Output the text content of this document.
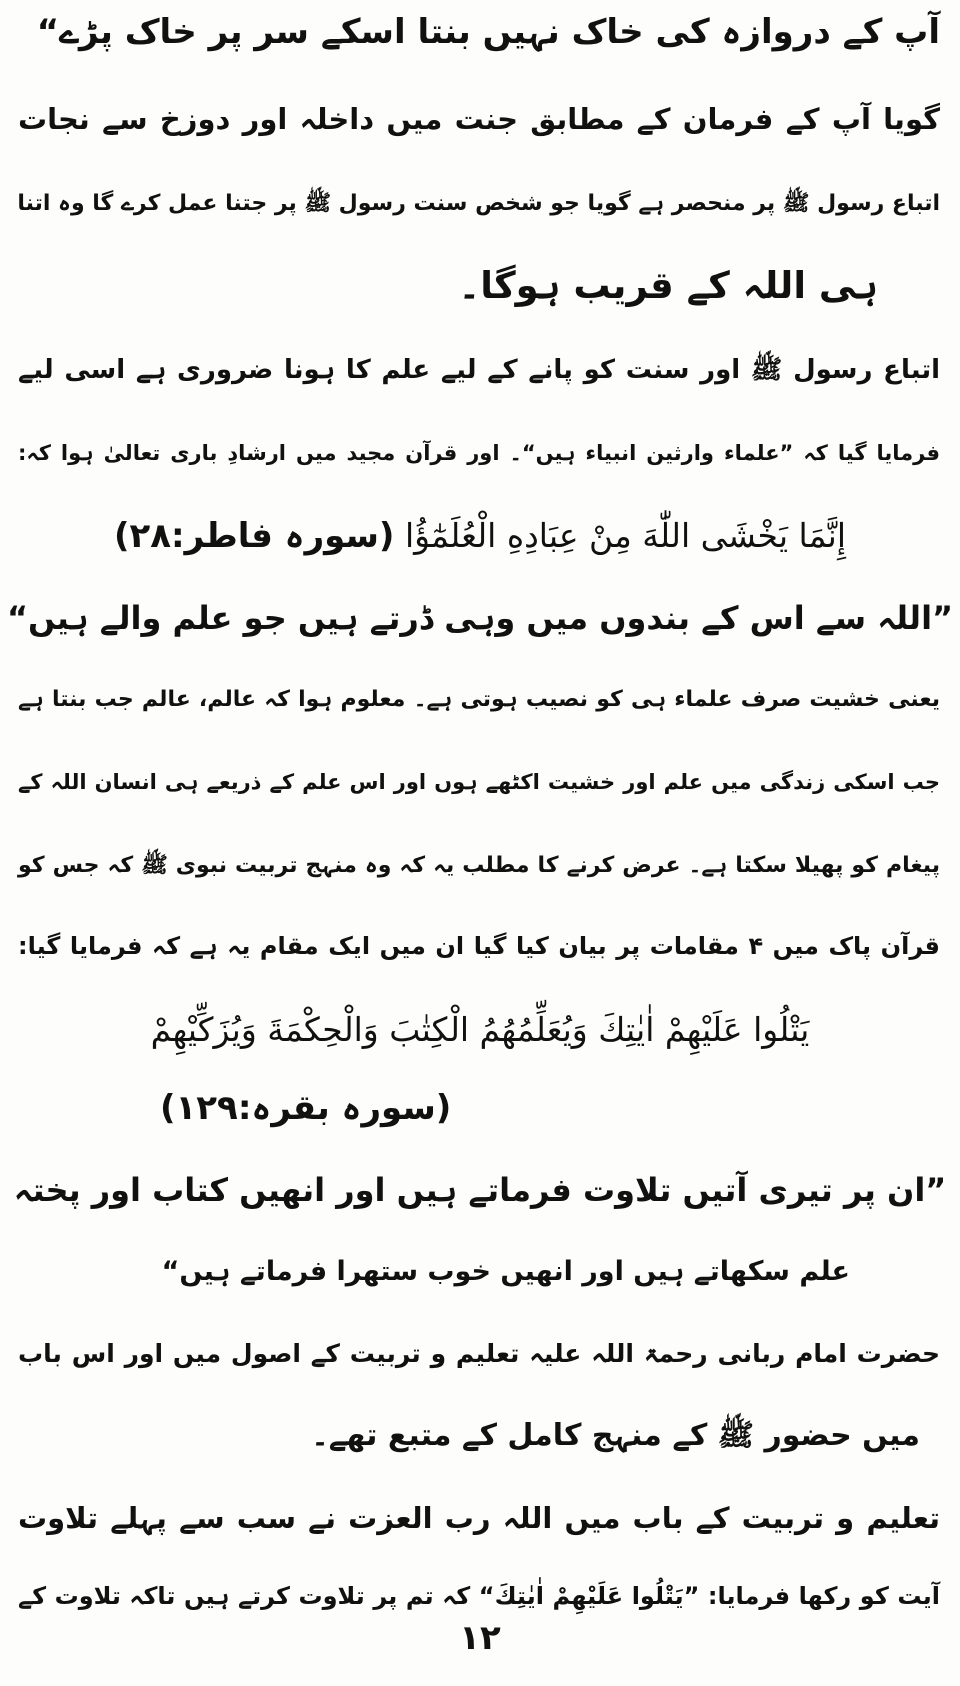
آپ کے دروازہ کی خاک نہیں بنتا اسکے سر پر خاک پڑے“

گویا آپ کے فرمان کے مطابق جنت میں داخلہ اور دوزخ سے نجات

اتباع رسول ﷺ پر منحصر ہے گویا جو شخص سنت رسول ﷺ پر جتنا عمل کرے گا وہ اتنا

ہی اللہ کے قریب ہوگا۔

اتباع رسول ﷺ اور سنت کو پانے کے لیے علم کا ہونا ضروری ہے اسی لیے

فرمایا گیا کہ ”علماء وارثین انبیاء ہیں“۔ اور قرآن مجید میں ارشادِ باری تعالیٰ ہوا کہ:

إِنَّمَا يَخْشَى اللّٰهَ مِنْ عِبَادِهِ الْعُلَمٰٓؤُا (سورہ فاطر:۲۸)

”اللہ سے اس کے بندوں میں وہی ڈرتے ہیں جو علم والے ہیں“

یعنی خشیت صرف علماء ہی کو نصیب ہوتی ہے۔ معلوم ہوا کہ عالم، عالم جب بنتا ہے

جب اسکی زندگی میں علم اور خشیت اکٹھے ہوں اور اس علم کے ذریعے ہی انسان اللہ کے

پیغام کو پھیلا سکتا ہے۔ عرض کرنے کا مطلب یہ کہ وہ منہج تربیت نبوی ﷺ کہ جس کو

قرآن پاک میں ۴ مقامات پر بیان کیا گیا ان میں ایک مقام یہ ہے کہ فرمایا گیا:

يَتْلُوا عَلَيْهِمْ اٰيٰتِكَ وَيُعَلِّمُهُمُ الْكِتٰبَ وَالْحِكْمَةَ وَيُزَكِّيْهِمْ

(سورہ بقرہ:۱۲۹)

”ان پر تیری آتیں تلاوت فرماتے ہیں اور انھیں کتاب اور پختہ

علم سکھاتے ہیں اور انھیں خوب ستھرا فرماتے ہیں“

حضرت امام ربانی رحمۃ اللہ علیہ تعلیم و تربیت کے اصول میں اور اس باب

میں حضور ﷺ کے منہج کامل کے متبع تھے۔

تعلیم و تربیت کے باب میں اللہ رب العزت نے سب سے پہلے تلاوت

آیت کو رکھا فرمایا: ”يَتْلُوا عَلَيْهِمْ اٰيٰتِكَ“ کہ تم پر تلاوت کرتے ہیں تاکہ تلاوت کے

۱۲
